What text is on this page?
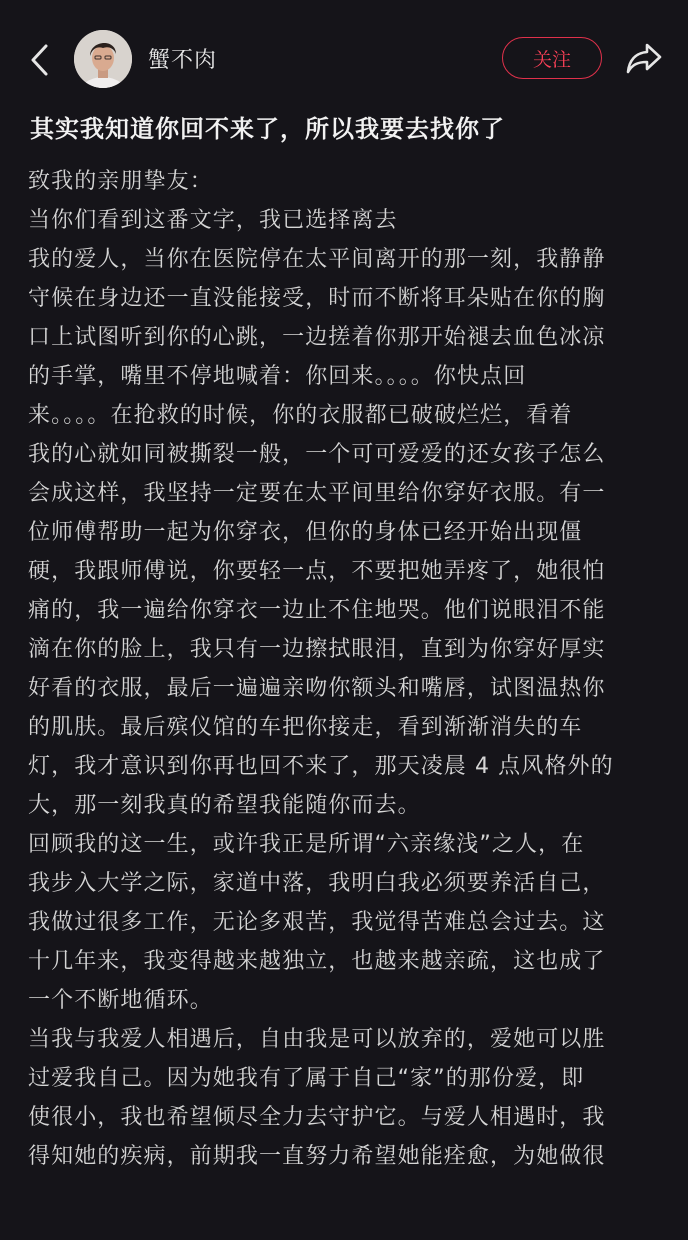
蟹不肉	关注
其实我知道你回不来了，所以我要去找你了
致我的亲朋挚友：
当你们看到这番文字，我已选择离去
我的爱人，当你在医院停在太平间离开的那一刻，我静静
守候在身边还一直没能接受，时而不断将耳朵贴在你的胸
口上试图听到你的心跳，一边搓着你那开始褪去血色冰凉
的手掌，嘴里不停地喊着：你回来。。。。你快点回
来。。。。在抢救的时候，你的衣服都已破破烂烂，看着
我的心就如同被撕裂一般，一个可可爱爱的还女孩子怎么
会成这样，我坚持一定要在太平间里给你穿好衣服。有一
位师傅帮助一起为你穿衣，但你的身体已经开始出现僵
硬，我跟师傅说，你要轻一点，不要把她弄疼了，她很怕
痛的，我一遍给你穿衣一边止不住地哭。他们说眼泪不能
滴在你的脸上，我只有一边擦拭眼泪，直到为你穿好厚实
好看的衣服，最后一遍遍亲吻你额头和嘴唇，试图温热你
的肌肤。最后殡仪馆的车把你接走，看到渐渐消失的车
灯，我才意识到你再也回不来了，那天凌晨 4 点风格外的
大，那一刻我真的希望我能随你而去。
回顾我的这一生，或许我正是所谓“六亲缘浅”之人，在
我步入大学之际，家道中落，我明白我必须要养活自己，
我做过很多工作，无论多艰苦，我觉得苦难总会过去。这
十几年来，我变得越来越独立，也越来越亲疏，这也成了
一个不断地循环。
当我与我爱人相遇后，自由我是可以放弃的，爱她可以胜
过爱我自己。因为她我有了属于自己“家”的那份爱，即
使很小，我也希望倾尽全力去守护它。与爱人相遇时，我
得知她的疾病，前期我一直努力希望她能痊愈，为她做很
